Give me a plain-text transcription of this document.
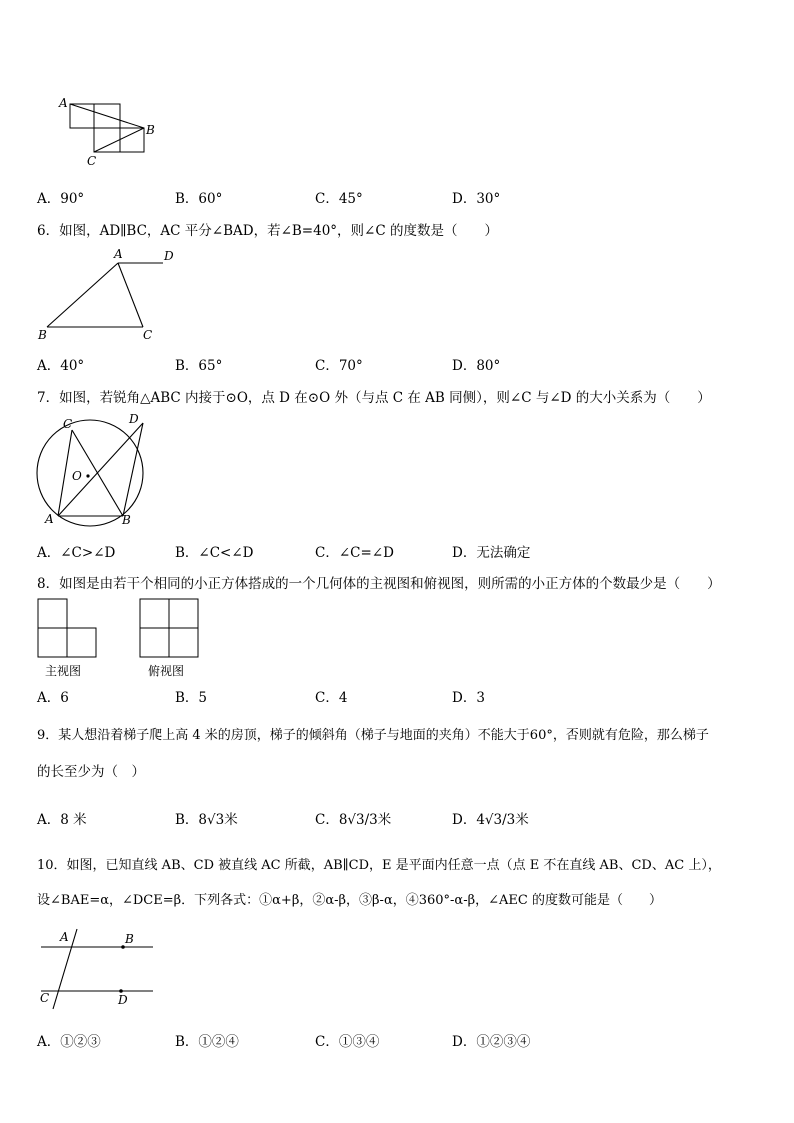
A
B
C
A．90°	B．60°	C．45°	D．30°
6．如图，AD∥BC，AC 平分∠BAD，若∠B=40°，则∠C 的度数是（　　）
A	D
B	C
A．40°	B．65°	C．70°	D．80°
7．如图，若锐角△ABC 内接于⊙O，点 D 在⊙O 外（与点 C 在 AB 同侧），则∠C 与∠D 的大小关系为（　　）
C	D
O
A	B
A．∠C>∠D	B．∠C<∠D	C．∠C=∠D	D．无法确定
8．如图是由若干个相同的小正方体搭成的一个几何体的主视图和俯视图，则所需的小正方体的个数最少是（　　）
主视图	俯视图
A．6	B．5	C．4	D．3
9．某人想沿着梯子爬上高 4 米的房顶，梯子的倾斜角（梯子与地面的夹角）不能大于60°，否则就有危险，那么梯子
的长至少为（　）
A．8 米	B．8√3米	C．8√3/3米	D．4√3/3米
10．如图，已知直线 AB、CD 被直线 AC 所截，AB∥CD，E 是平面内任意一点（点 E 不在直线 AB、CD、AC 上），
设∠BAE=α，∠DCE=β．下列各式：①α+β，②α-β，③β-α，④360°-α-β，∠AEC 的度数可能是（　　）
A	B
C	D
A．①②③	B．①②④	C．①③④	D．①②③④
